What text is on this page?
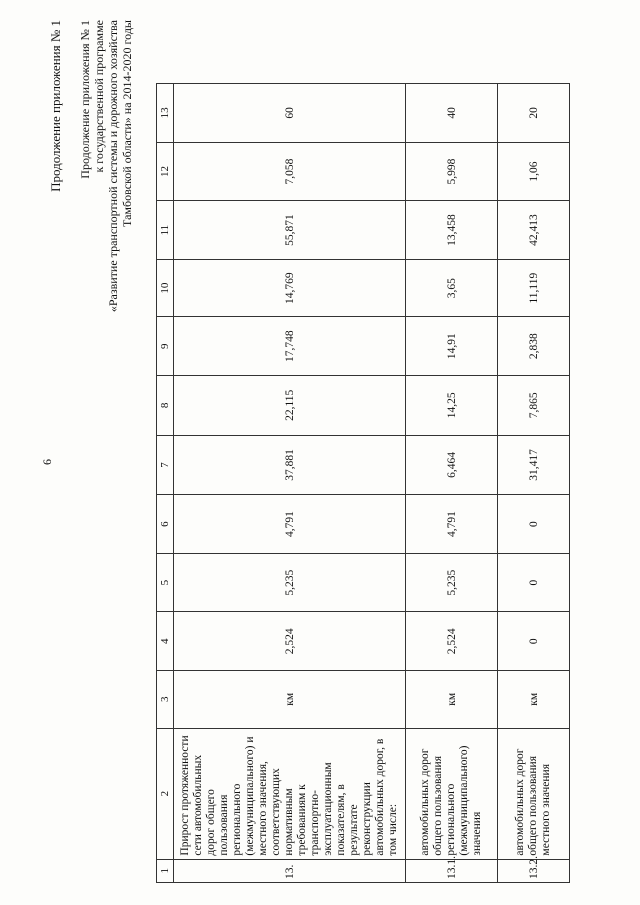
6
Продолжение приложения № 1 Продолжение приложения № 1 к государственной программе «Развитие транспортной системы и дорожного хозяйства Тамбовской области» на 2014-2020 годы
1	2	3	4	5	6	7	8	9	10	11	12	13
13.	Прирост протяженности сети автомобильных дорог общего пользования регионального (межмуниципального) и местного значения, соответствующих нормативным требованиям к транспортно-эксплуатационным показателям, в результате реконструкции автомобильных дорог, в том числе:	км	2,524	5,235	4,791	37,881	22,115	17,748	14,769	55,871	7,058	60
13.1.	автомобильных дорог общего пользования регионального (межмуниципального) значения	км	2,524	5,235	4,791	6,464	14,25	14,91	3,65	13,458	5,998	40
13.2.	автомобильных дорог общего пользования местного значения	км	0	0	0	31,417	7,865	2,838	11,119	42,413	1,06	20
